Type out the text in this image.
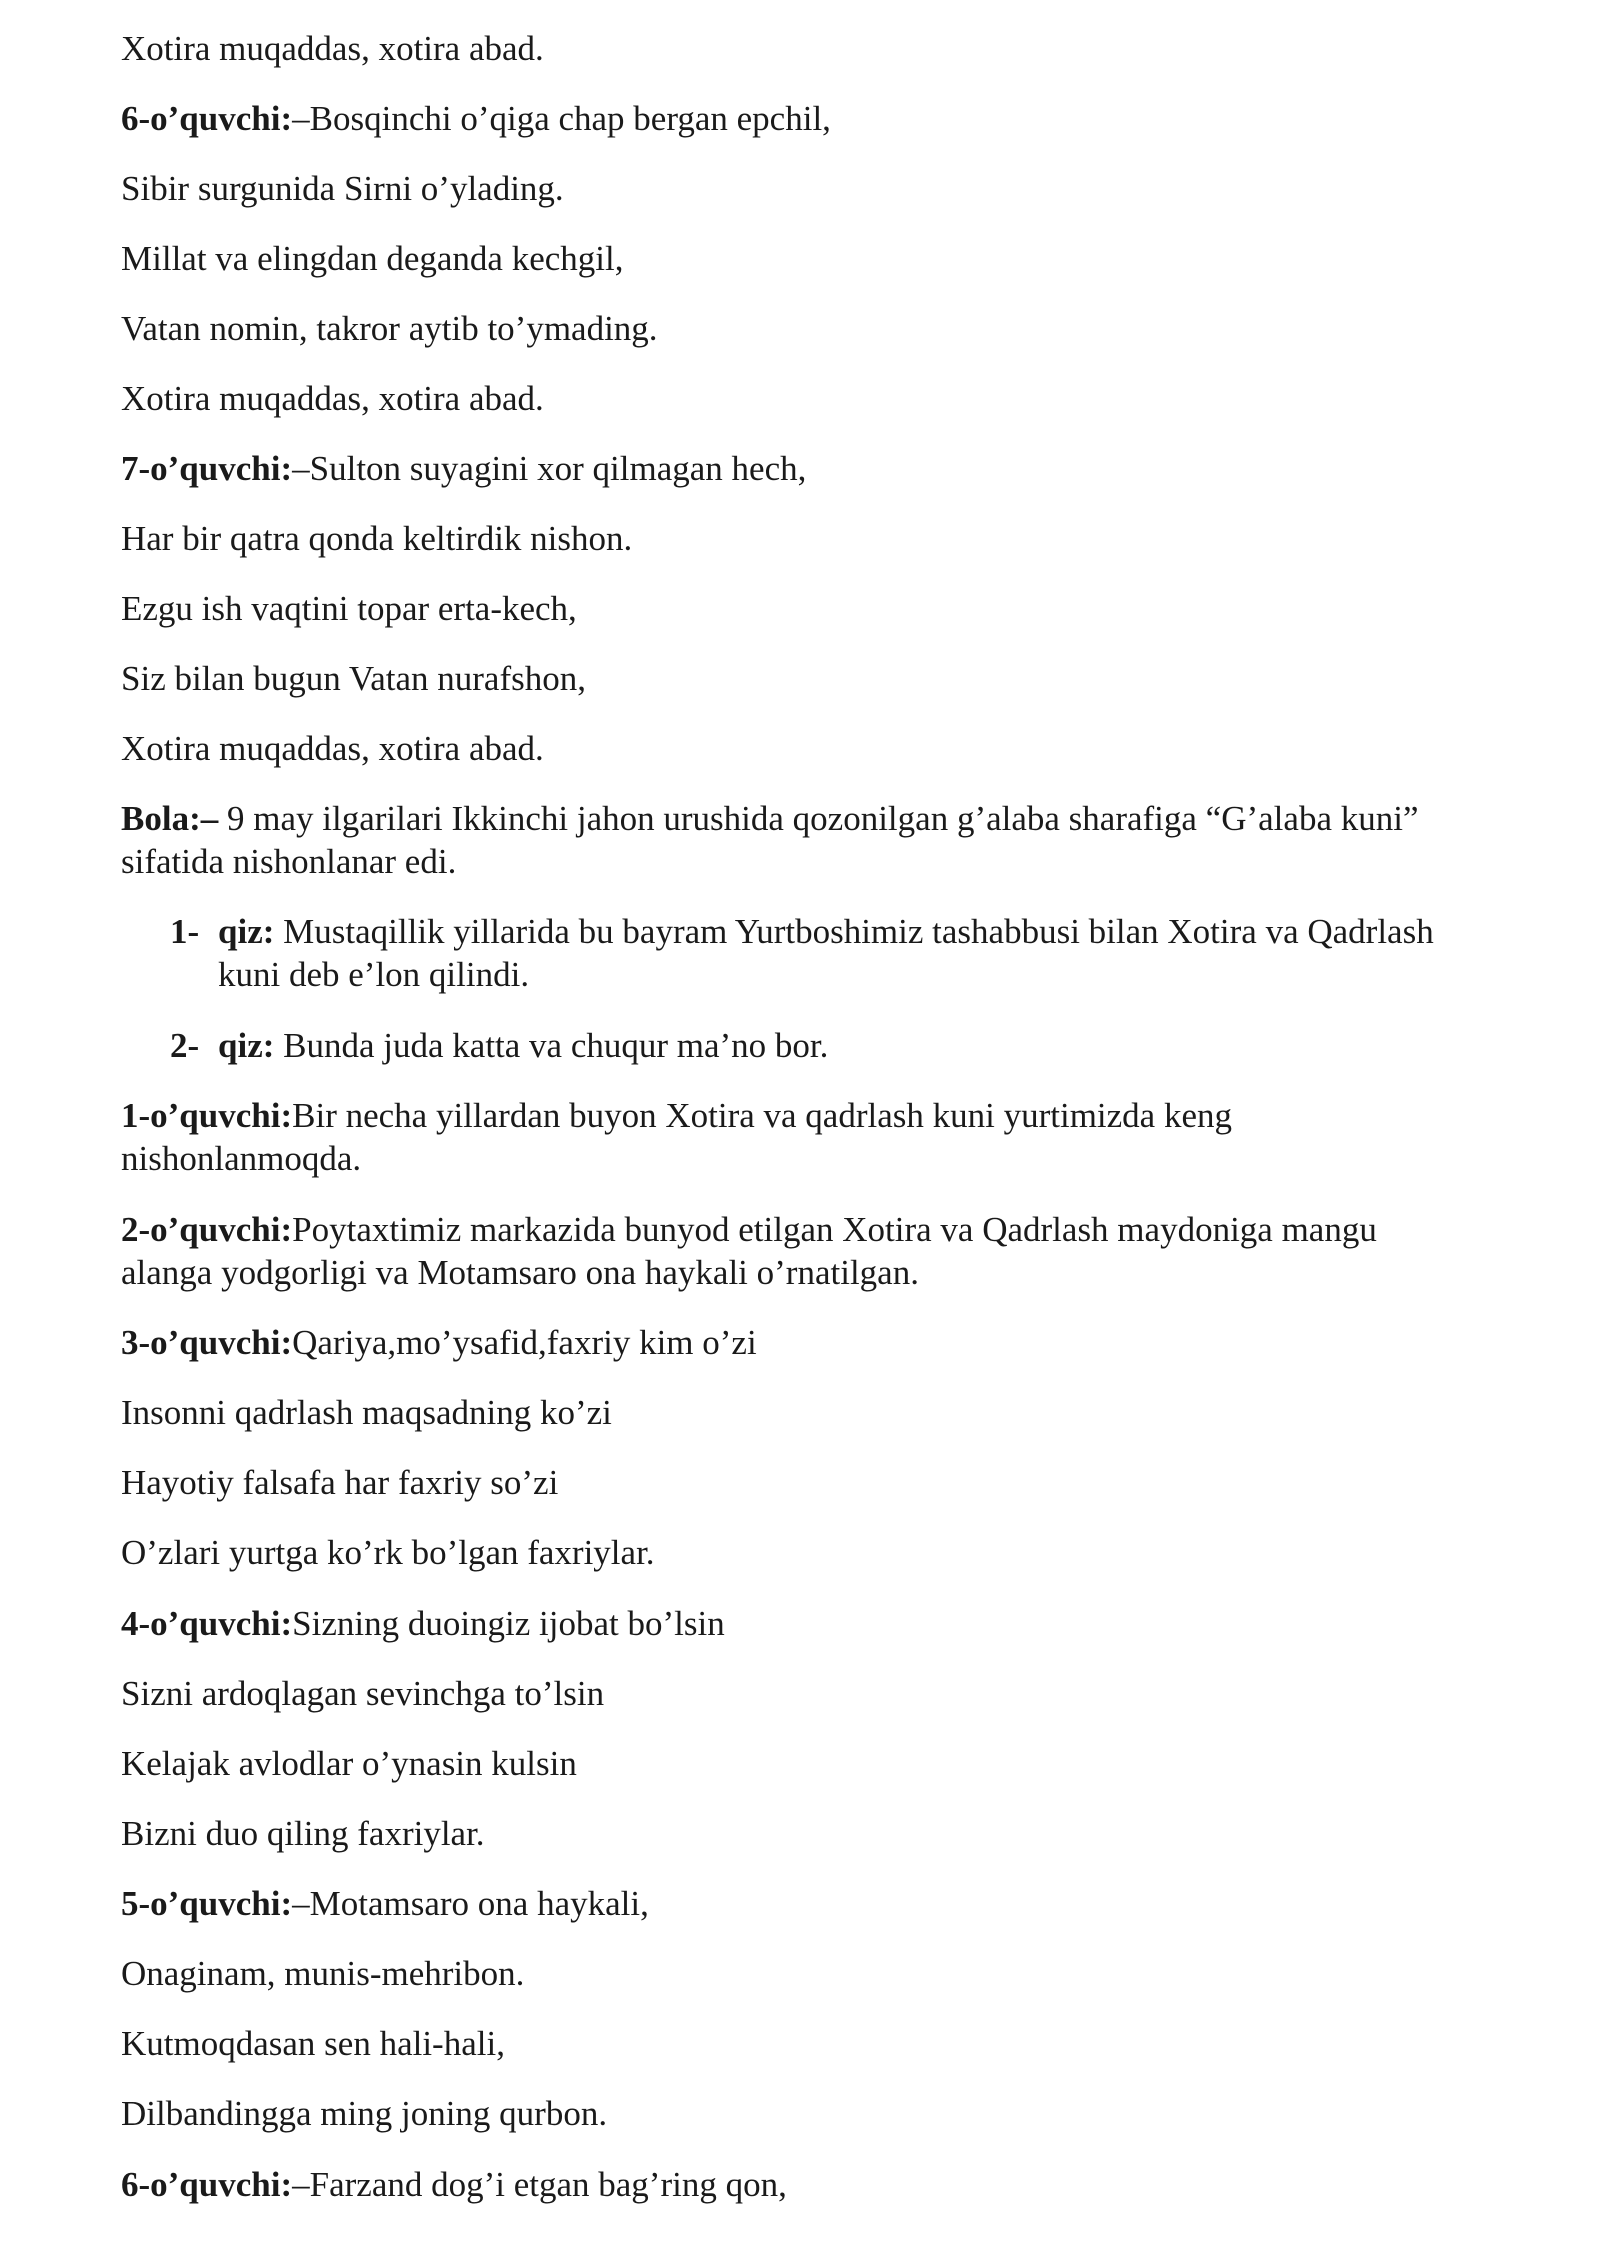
Xotira muqaddas, xotira abad.
6-o’quvchi:–Bosqinchi o’qiga chap bergan epchil,
Sibir surgunida Sirni o’ylading.
Millat va elingdan deganda kechgil,
Vatan nomin, takror aytib to’ymading.
Xotira muqaddas, xotira abad.
7-o’quvchi:–Sulton suyagini xor qilmagan hech,
Har bir qatra qonda keltirdik nishon.
Ezgu ish vaqtini topar erta-kech,
Siz bilan bugun Vatan nurafshon,
Xotira muqaddas, xotira abad.
Bola:– 9 may ilgarilari Ikkinchi jahon urushida qozonilgan g’alaba sharafiga “G’alaba kuni”
sifatida nishonlanar edi.
1- qiz: Mustaqillik yillarida bu bayram Yurtboshimiz tashabbusi bilan Xotira va Qadrlash
kuni deb e’lon qilindi.
2- qiz: Bunda juda katta va chuqur ma’no bor.
1-o’quvchi:Bir necha yillardan buyon Xotira va qadrlash kuni yurtimizda keng
nishonlanmoqda.
2-o’quvchi:Poytaxtimiz markazida bunyod etilgan Xotira va Qadrlash maydoniga mangu
alanga yodgorligi va Motamsaro ona haykali o’rnatilgan.
3-o’quvchi:Qariya,mo’ysafid,faxriy kim o’zi
Insonni qadrlash maqsadning ko’zi
Hayotiy falsafa har faxriy so’zi
O’zlari yurtga ko’rk bo’lgan faxriylar.
4-o’quvchi:Sizning duoingiz ijobat bo’lsin
Sizni ardoqlagan sevinchga to’lsin
Kelajak avlodlar o’ynasin kulsin
Bizni duo qiling faxriylar.
5-o’quvchi:–Motamsaro ona haykali,
Onaginam, munis-mehribon.
Kutmoqdasan sen hali-hali,
Dilbandingga ming joning qurbon.
6-o’quvchi:–Farzand dog’i etgan bag’ring qon,
